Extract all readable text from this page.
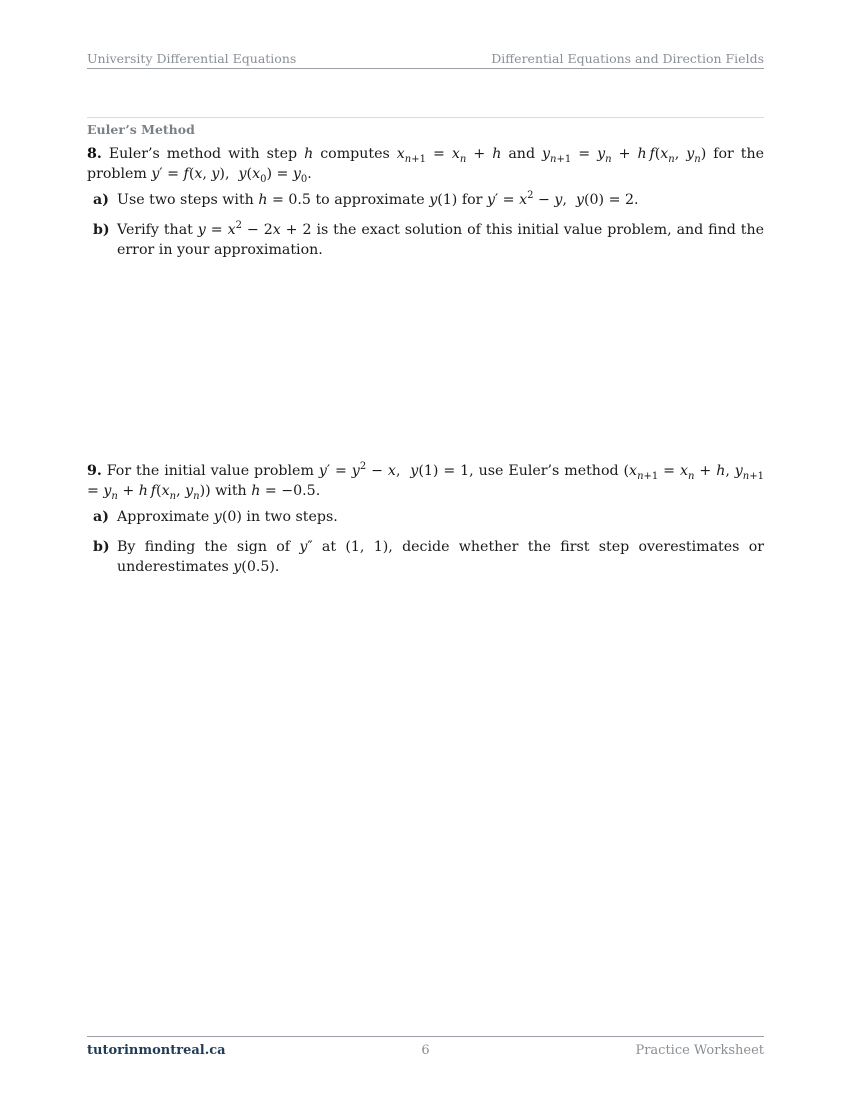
University Differential Equations	Differential Equations and Direction Fields
Euler’s Method
8. Euler’s method with step h computes $x_{n+1} = x_n + h$ and $y_{n+1} = y_n + h$  $f(x_n$, $y_n$) for the problem y′ = f(x, y),  $y(x_0) = y_0$.
a) Use two steps with h = 0.5 to approximate y(1) for $y' = x^2 - y$,  y(0) = 2.
b) Verify that $y = x^2 - 2x + 2$ is the exact solution of this initial value problem, and find the error in your approximation.
9. For the initial value problem $y' = y^2 - x$,  y(1) = 1, use Euler’s method ($x_{n+1} = x_n + h$, $y_{n+1} = y_n + h$  $f(x_n$, $y_n$)) with h = −0.5.
a) Approximate y(0) in two steps.
b) By finding the sign of y″ at (1, 1), decide whether the first step overestimates or underestimates y(0.5).
tutorinmontreal.ca	6	Practice Worksheet
